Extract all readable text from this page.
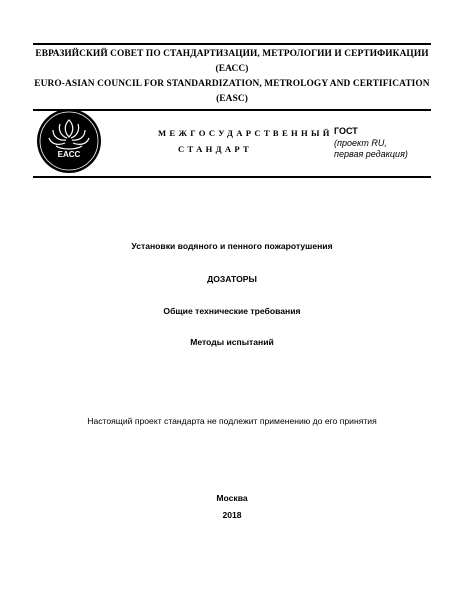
ЕВРАЗИЙСКИЙ СОВЕТ ПО СТАНДАРТИЗАЦИИ, МЕТРОЛОГИИ И СЕРТИФИКАЦИИ
(ЕАСС)
EURO-ASIAN COUNCIL FOR STANDARDIZATION, METROLOGY AND CERTIFICATION
(EASC)
EACC
МЕЖГОСУДАРСТВЕННЫЙ
СТАНДАРТ
ГОСТ
(проект RU,
первая редакция)
Установки водяного и пенного пожаротушения
ДОЗАТОРЫ
Общие технические требования
Методы испытаний
Настоящий проект стандарта не подлежит применению до его принятия
Москва
2018
